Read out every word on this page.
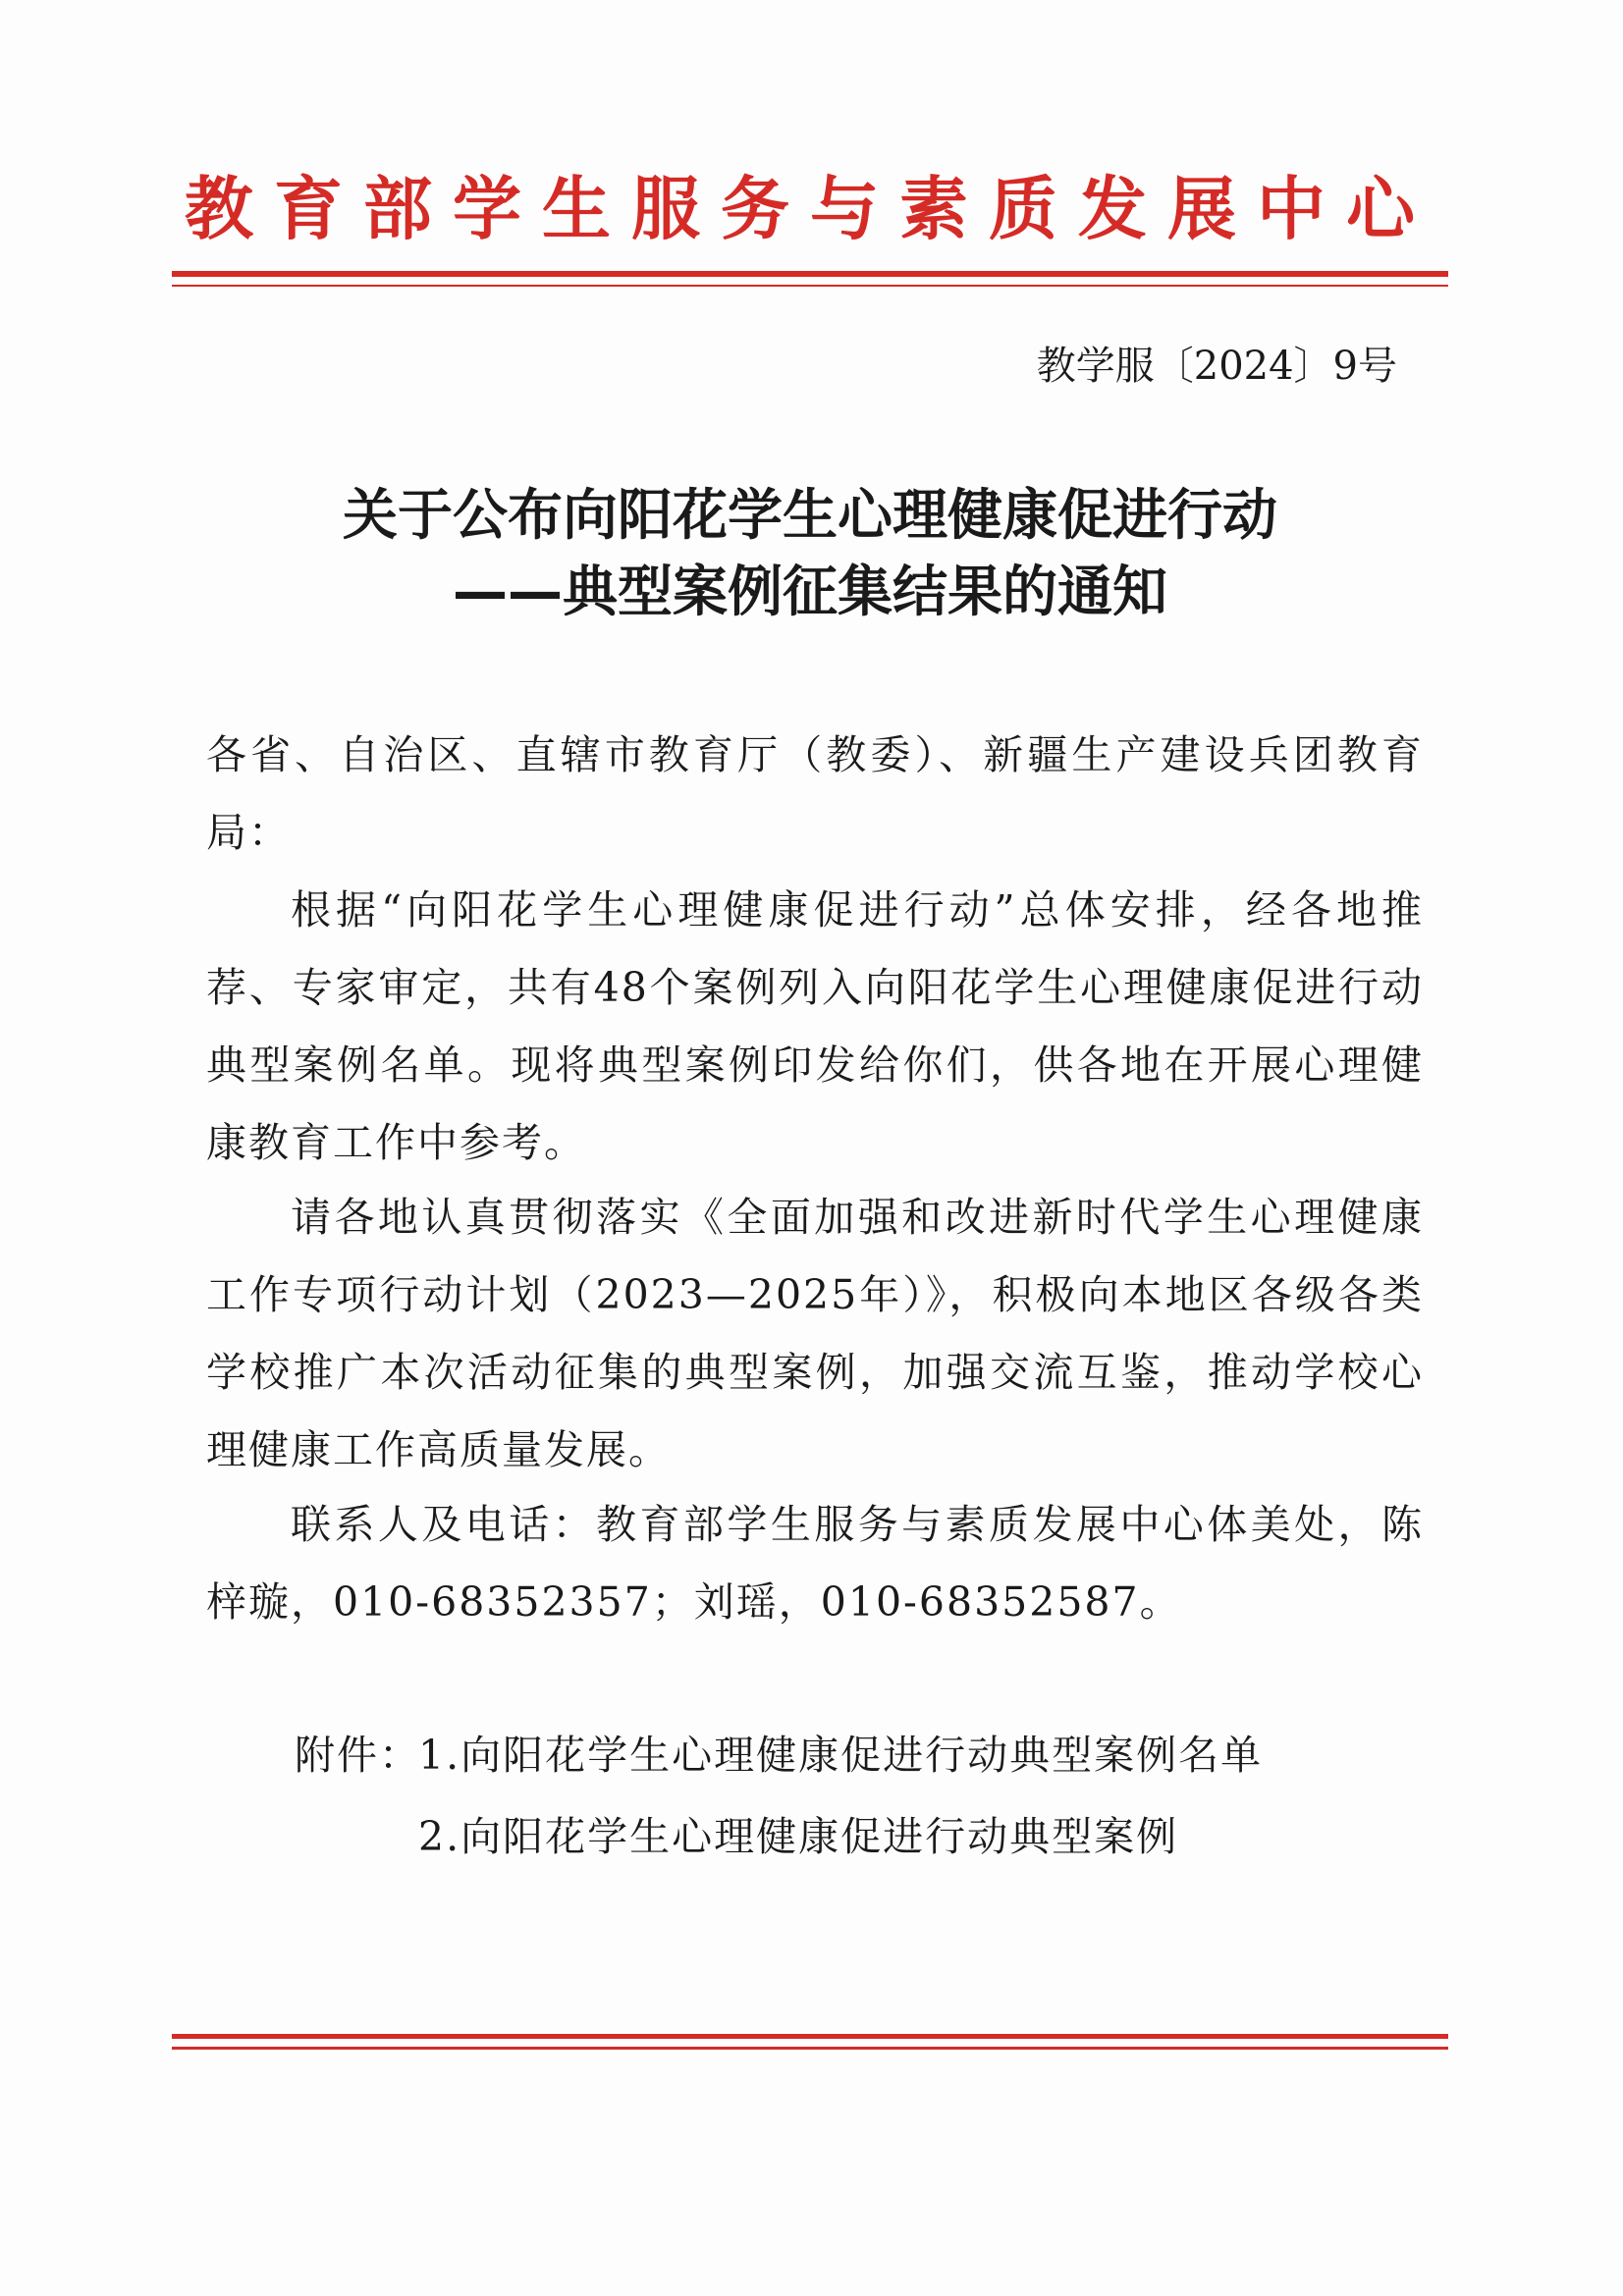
教育部学生服务与素质发展中心
教学服〔2024〕9号
关于公布向阳花学生心理健康促进行动
——典型案例征集结果的通知

各省、自治区、直辖市教育厅（教委）、新疆生产建设兵团教育局：

根据“向阳花学生心理健康促进行动”总体安排，经各地推荐、专家审定，共有48个案例列入向阳花学生心理健康促进行动典型案例名单。现将典型案例印发给你们，供各地在开展心理健康教育工作中参考。

请各地认真贯彻落实《全面加强和改进新时代学生心理健康工作专项行动计划（2023—2025年）》，积极向本地区各级各类学校推广本次活动征集的典型案例，加强交流互鉴，推动学校心理健康工作高质量发展。

联系人及电话：教育部学生服务与素质发展中心体美处，陈梓璇，010-68352357；刘瑶，010-68352587。

附件：1.向阳花学生心理健康促进行动典型案例名单
2.向阳花学生心理健康促进行动典型案例
